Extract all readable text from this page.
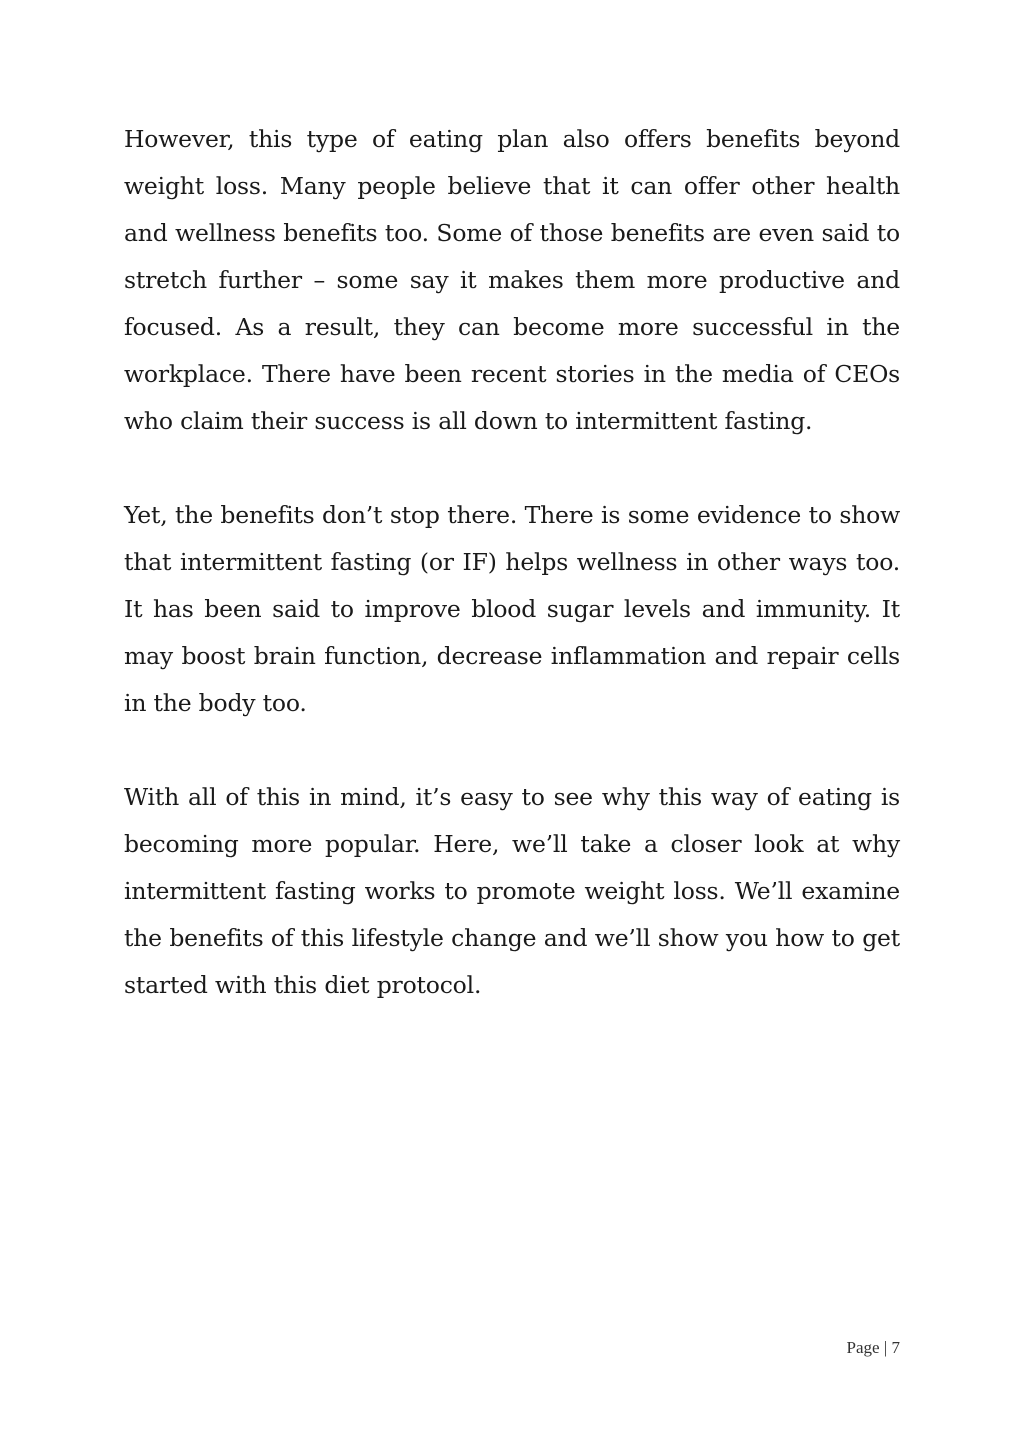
However, this type of eating plan also offers benefits beyond weight loss. Many people believe that it can offer other health and wellness benefits too. Some of those benefits are even said to stretch further – some say it makes them more productive and focused. As a result, they can become more successful in the workplace. There have been recent stories in the media of CEOs who claim their success is all down to intermittent fasting.

Yet, the benefits don’t stop there. There is some evidence to show that intermittent fasting (or IF) helps wellness in other ways too. It has been said to improve blood sugar levels and immunity. It may boost brain function, decrease inflammation and repair cells in the body too.

With all of this in mind, it’s easy to see why this way of eating is becoming more popular. Here, we’ll take a closer look at why intermittent fasting works to promote weight loss. We’ll examine the benefits of this lifestyle change and we’ll show you how to get started with this diet protocol.

Page | 7
